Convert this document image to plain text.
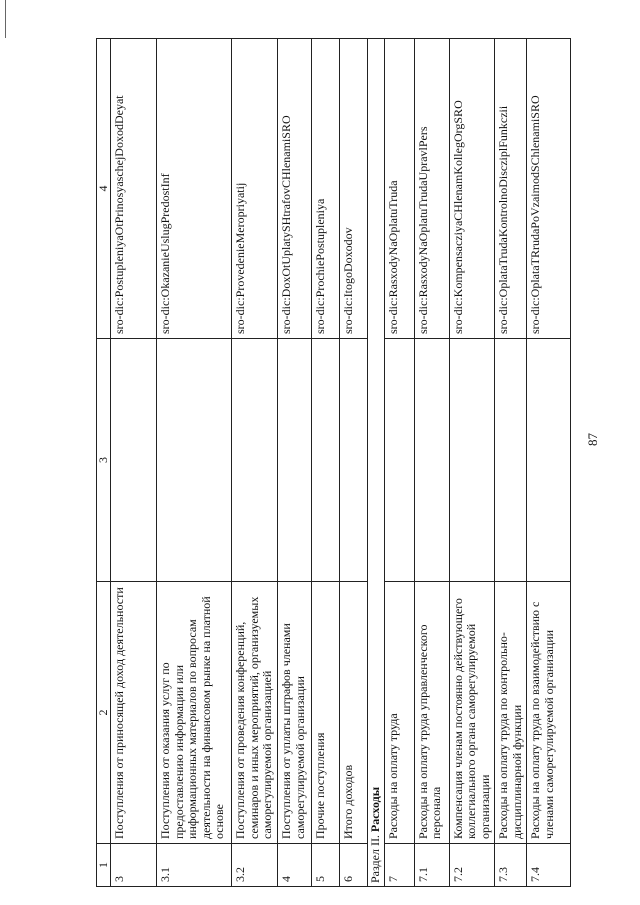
1	2	3	4
3	Поступления от приносящей доход деятельности		sro-dic:PostupleniyaOtPrinosyaschejDoxodDeyat
3.1	Поступления от оказания услуг по предоставлению информации или информационных материалов по вопросам деятельности на финансовом рынке на платной основе		sro-dic:OkazanieUslugPredostInf
3.2	Поступления от проведения конференций, семинаров и иных мероприятий, организуемых саморегулируемой организацией		sro-dic:ProvedenieMeropriyatij
4	Поступления от уплаты штрафов членами саморегулируемой организации		sro-dic:DoxOtUplatySHtrafovCHlenamiSRO
5	Прочие поступления		sro-dic:ProchiePostupleniya
6	Итого доходов		sro-dic:ItogoDoxodov
Раздел II. Расходы			
7	Расходы на оплату труда		sro-dic:RasxodyNaOplatuTruda
7.1	Расходы на оплату труда управленческого персонала		sro-dic:RasxodyNaOplatuTrudaUpravlPers
7.2	Компенсация членам постоянно действующего коллегиального органа саморегулируемой организации		sro-dic:KompensacziyaCHlenamKollegOrgSRO
7.3	Расходы на оплату труда по контрольно-дисциплинарной функции		sro-dic:OplataTrudaKontrolnoDiscziplFunkczii
7.4	Расходы на оплату труда по взаимодействию с членами саморегулируемой организации		sro-dic:OplataTRrudaPoVzaimodSChlenamiSRO
87
